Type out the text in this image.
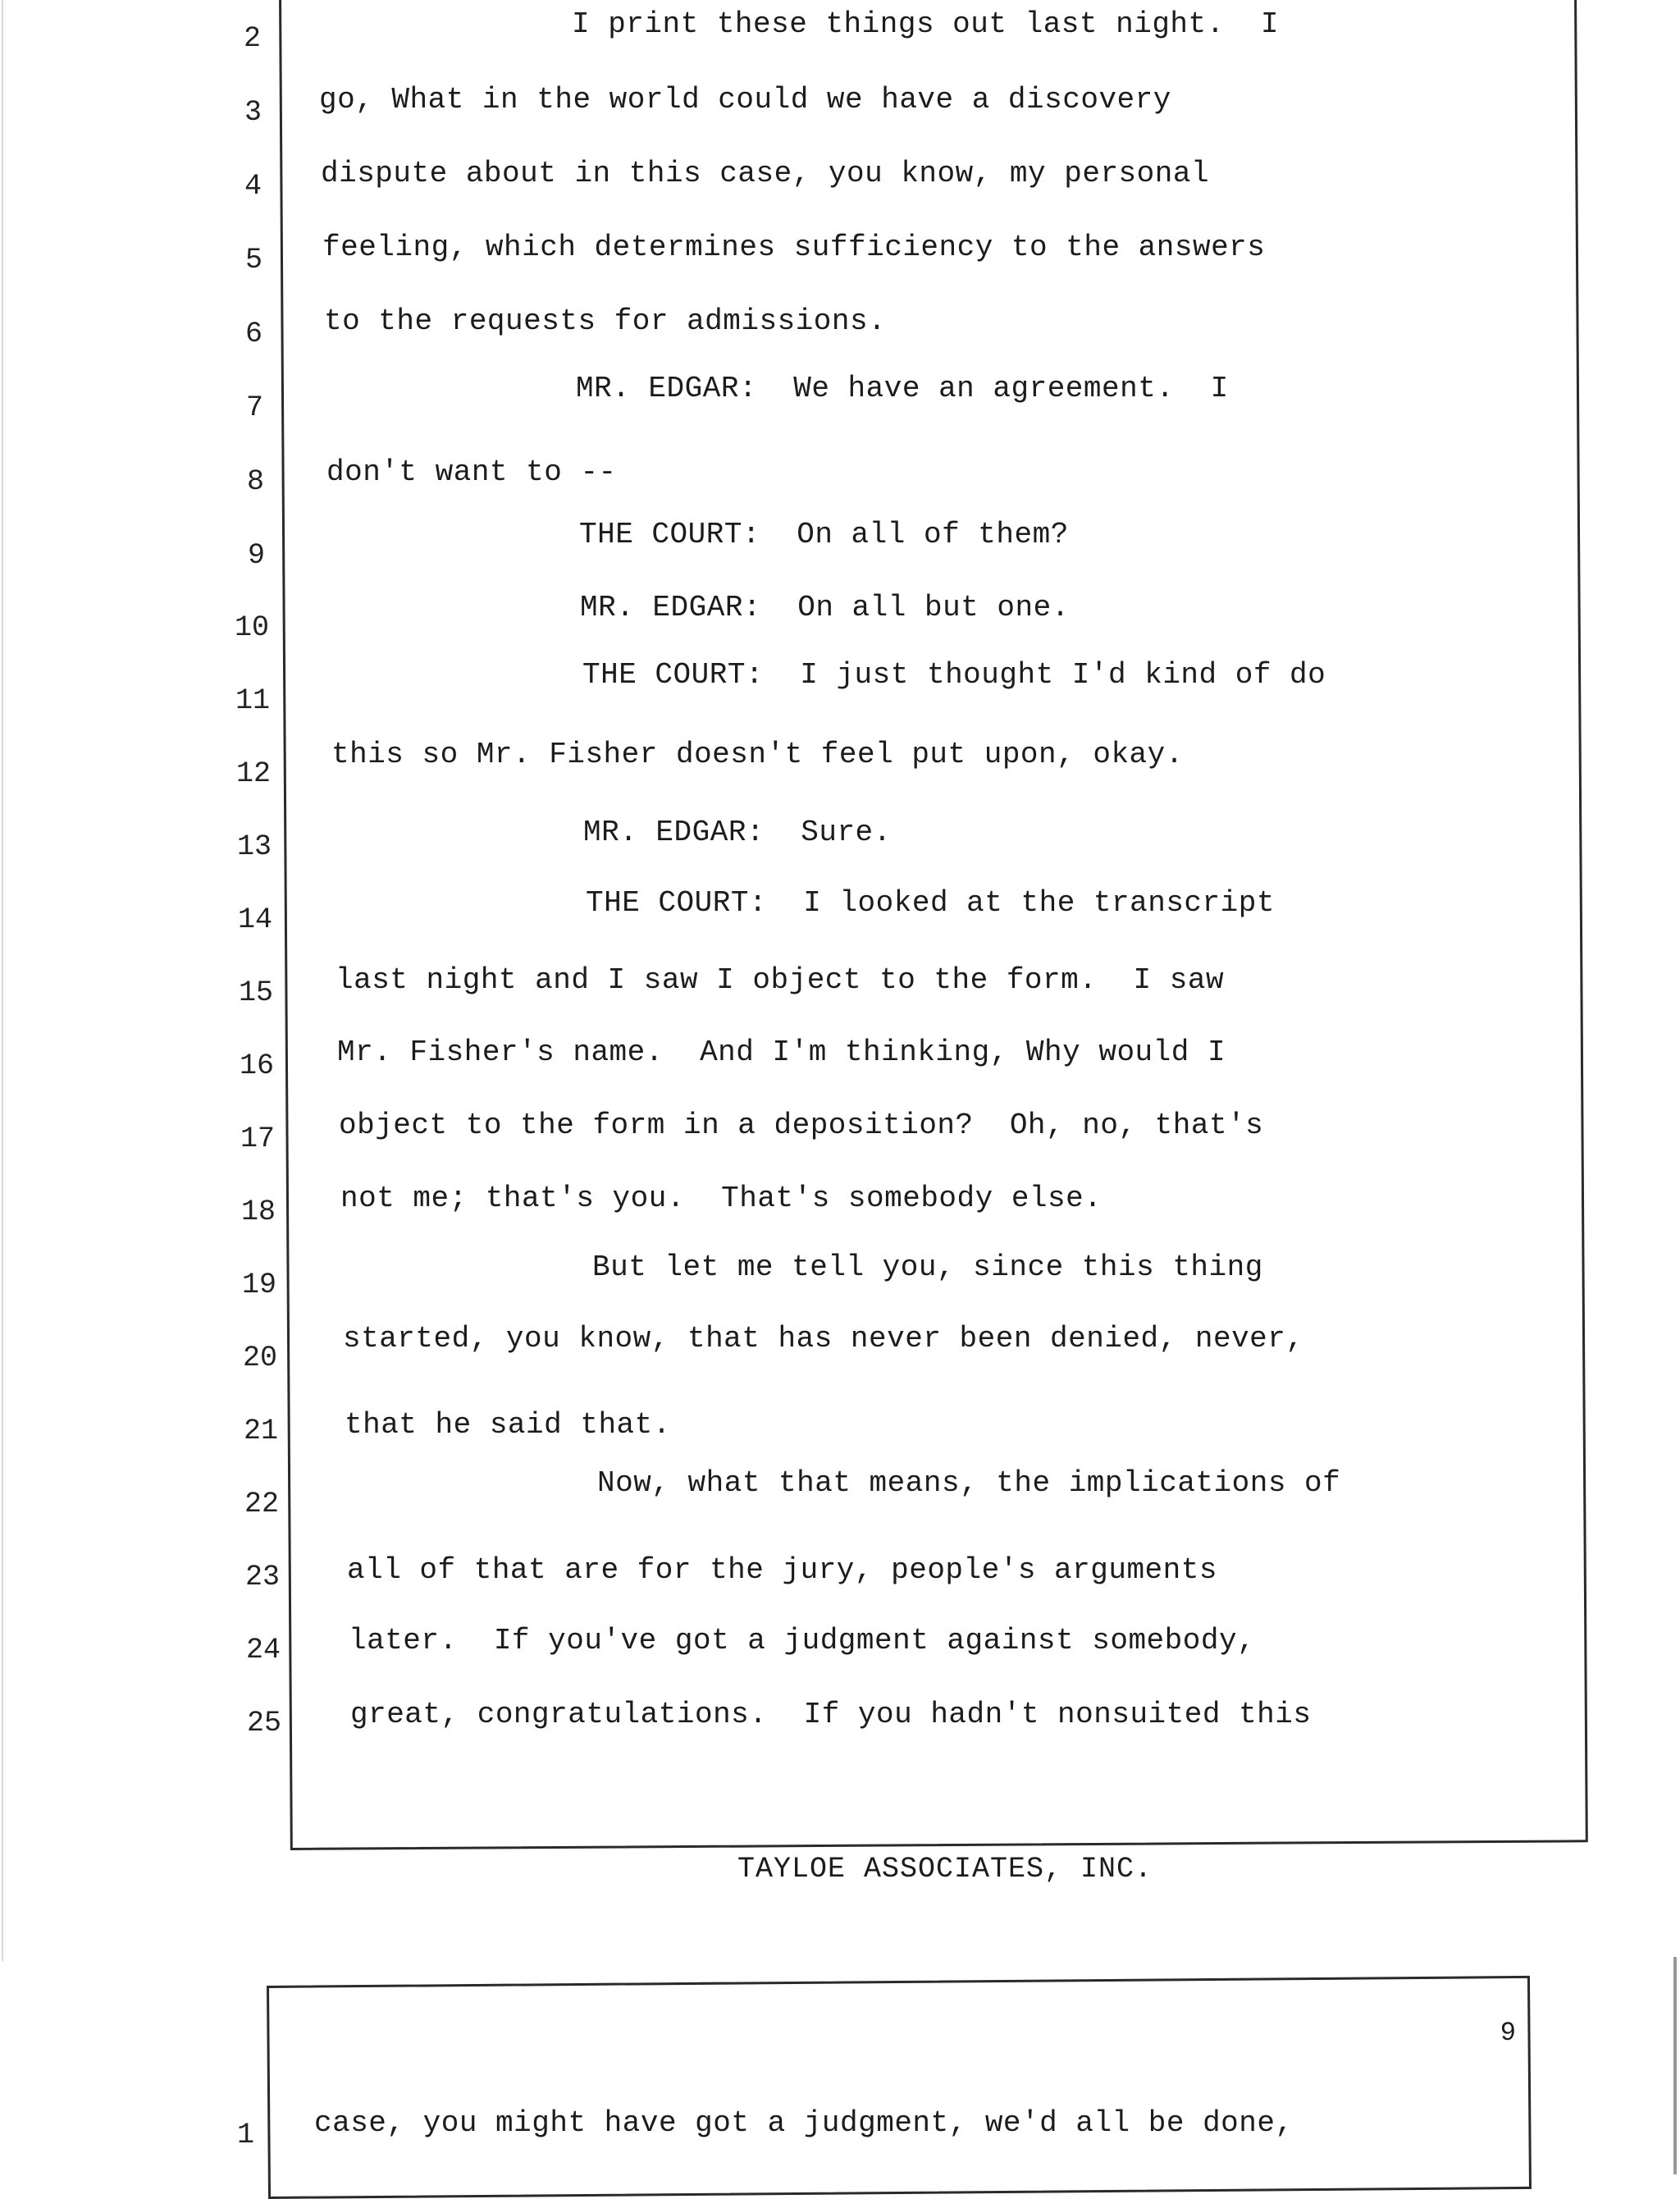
2
3
4
5
6
7
8
9
10
11
12
13
14
15
16
17
18
19
20
21
22
23
24
25
I print these things out last night.  I
go, What in the world could we have a discovery
dispute about in this case, you know, my personal
feeling, which determines sufficiency to the answers
to the requests for admissions.
MR. EDGAR:  We have an agreement.  I
don't want to --
THE COURT:  On all of them?
MR. EDGAR:  On all but one.
THE COURT:  I just thought I'd kind of do
this so Mr. Fisher doesn't feel put upon, okay.
MR. EDGAR:  Sure.
THE COURT:  I looked at the transcript
last night and I saw I object to the form.  I saw
Mr. Fisher's name.  And I'm thinking, Why would I
object to the form in a deposition?  Oh, no, that's
not me; that's you.  That's somebody else.
But let me tell you, since this thing
started, you know, that has never been denied, never,
that he said that.
Now, what that means, the implications of
all of that are for the jury, people's arguments
later.  If you've got a judgment against somebody,
great, congratulations.  If you hadn't nonsuited this
TAYLOE ASSOCIATES, INC.
9
1 case, you might have got a judgment, we'd all be done,
